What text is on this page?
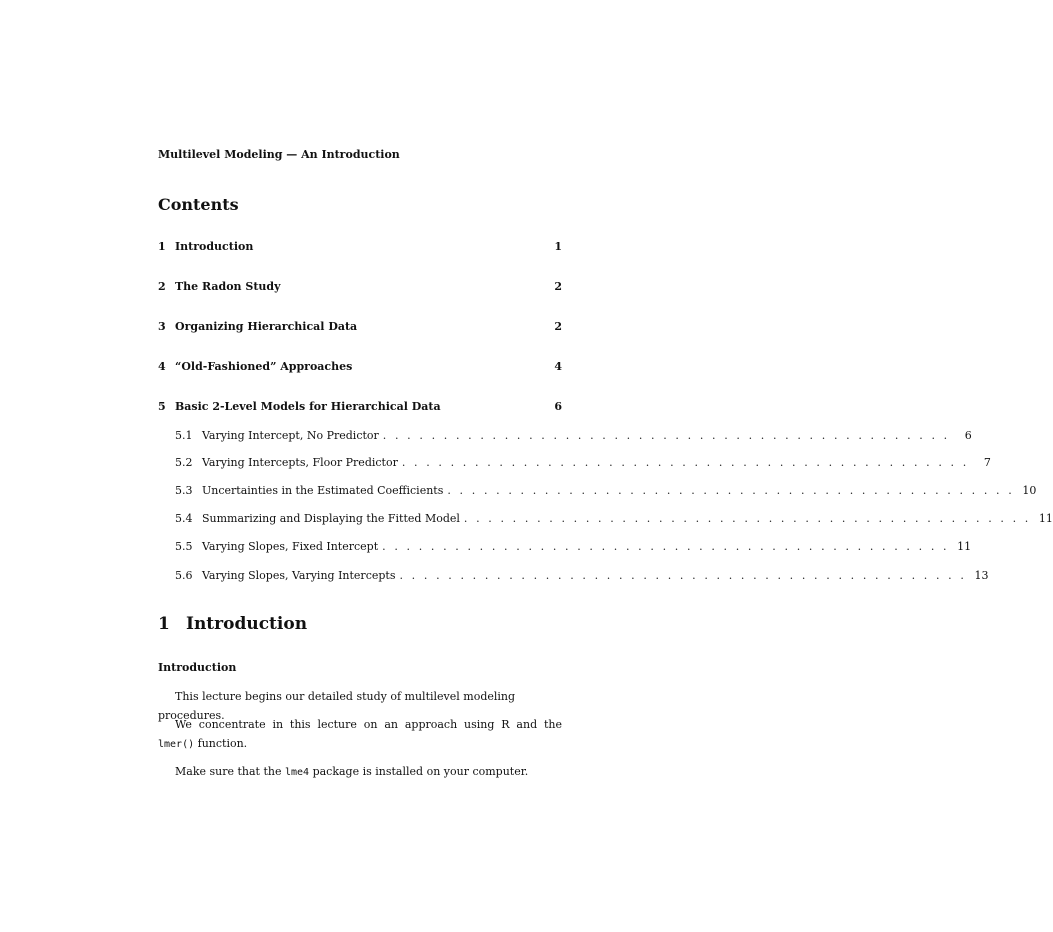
Multilevel Modeling — An Introduction
Contents
1 Introduction	1
2 The Radon Study	2
3 Organizing Hierarchical Data	2
4 “Old-Fashioned” Approaches	4
5 Basic 2-Level Models for Hierarchical Data	6
5.1 Varying Intercept, No Predictor . . . . . . . . . . . . . . . . . . . . . . . . . . . . . . . . . . . . . . . . . . . . . . .	6
5.2 Varying Intercepts, Floor Predictor . . . . . . . . . . . . . . . . . . . . . . . . . . . . . . . . . . . . . . . . . . . . . . .	7
5.3 Uncertainties in the Estimated Coefficients . . . . . . . . . . . . . . . . . . . . . . . . . . . . . . . . . . . . . . . . . . . . . . . 10
5.4 Summarizing and Displaying the Fitted Model . . . . . . . . . . . . . . . . . . . . . . . . . . . . . . . . . . . . . . . . . . . . . . . 11
5.5 Varying Slopes, Fixed Intercept . . . . . . . . . . . . . . . . . . . . . . . . . . . . . . . . . . . . . . . . . . . . . . . 11
5.6 Varying Slopes, Varying Intercepts . . . . . . . . . . . . . . . . . . . . . . . . . . . . . . . . . . . . . . . . . . . . . . . 13
1 Introduction
Introduction
This lecture begins our detailed study of multilevel modeling procedures.
We concentrate in this lecture on an approach using R and the lmer() function.
Make sure that the lme4 package is installed on your computer.
